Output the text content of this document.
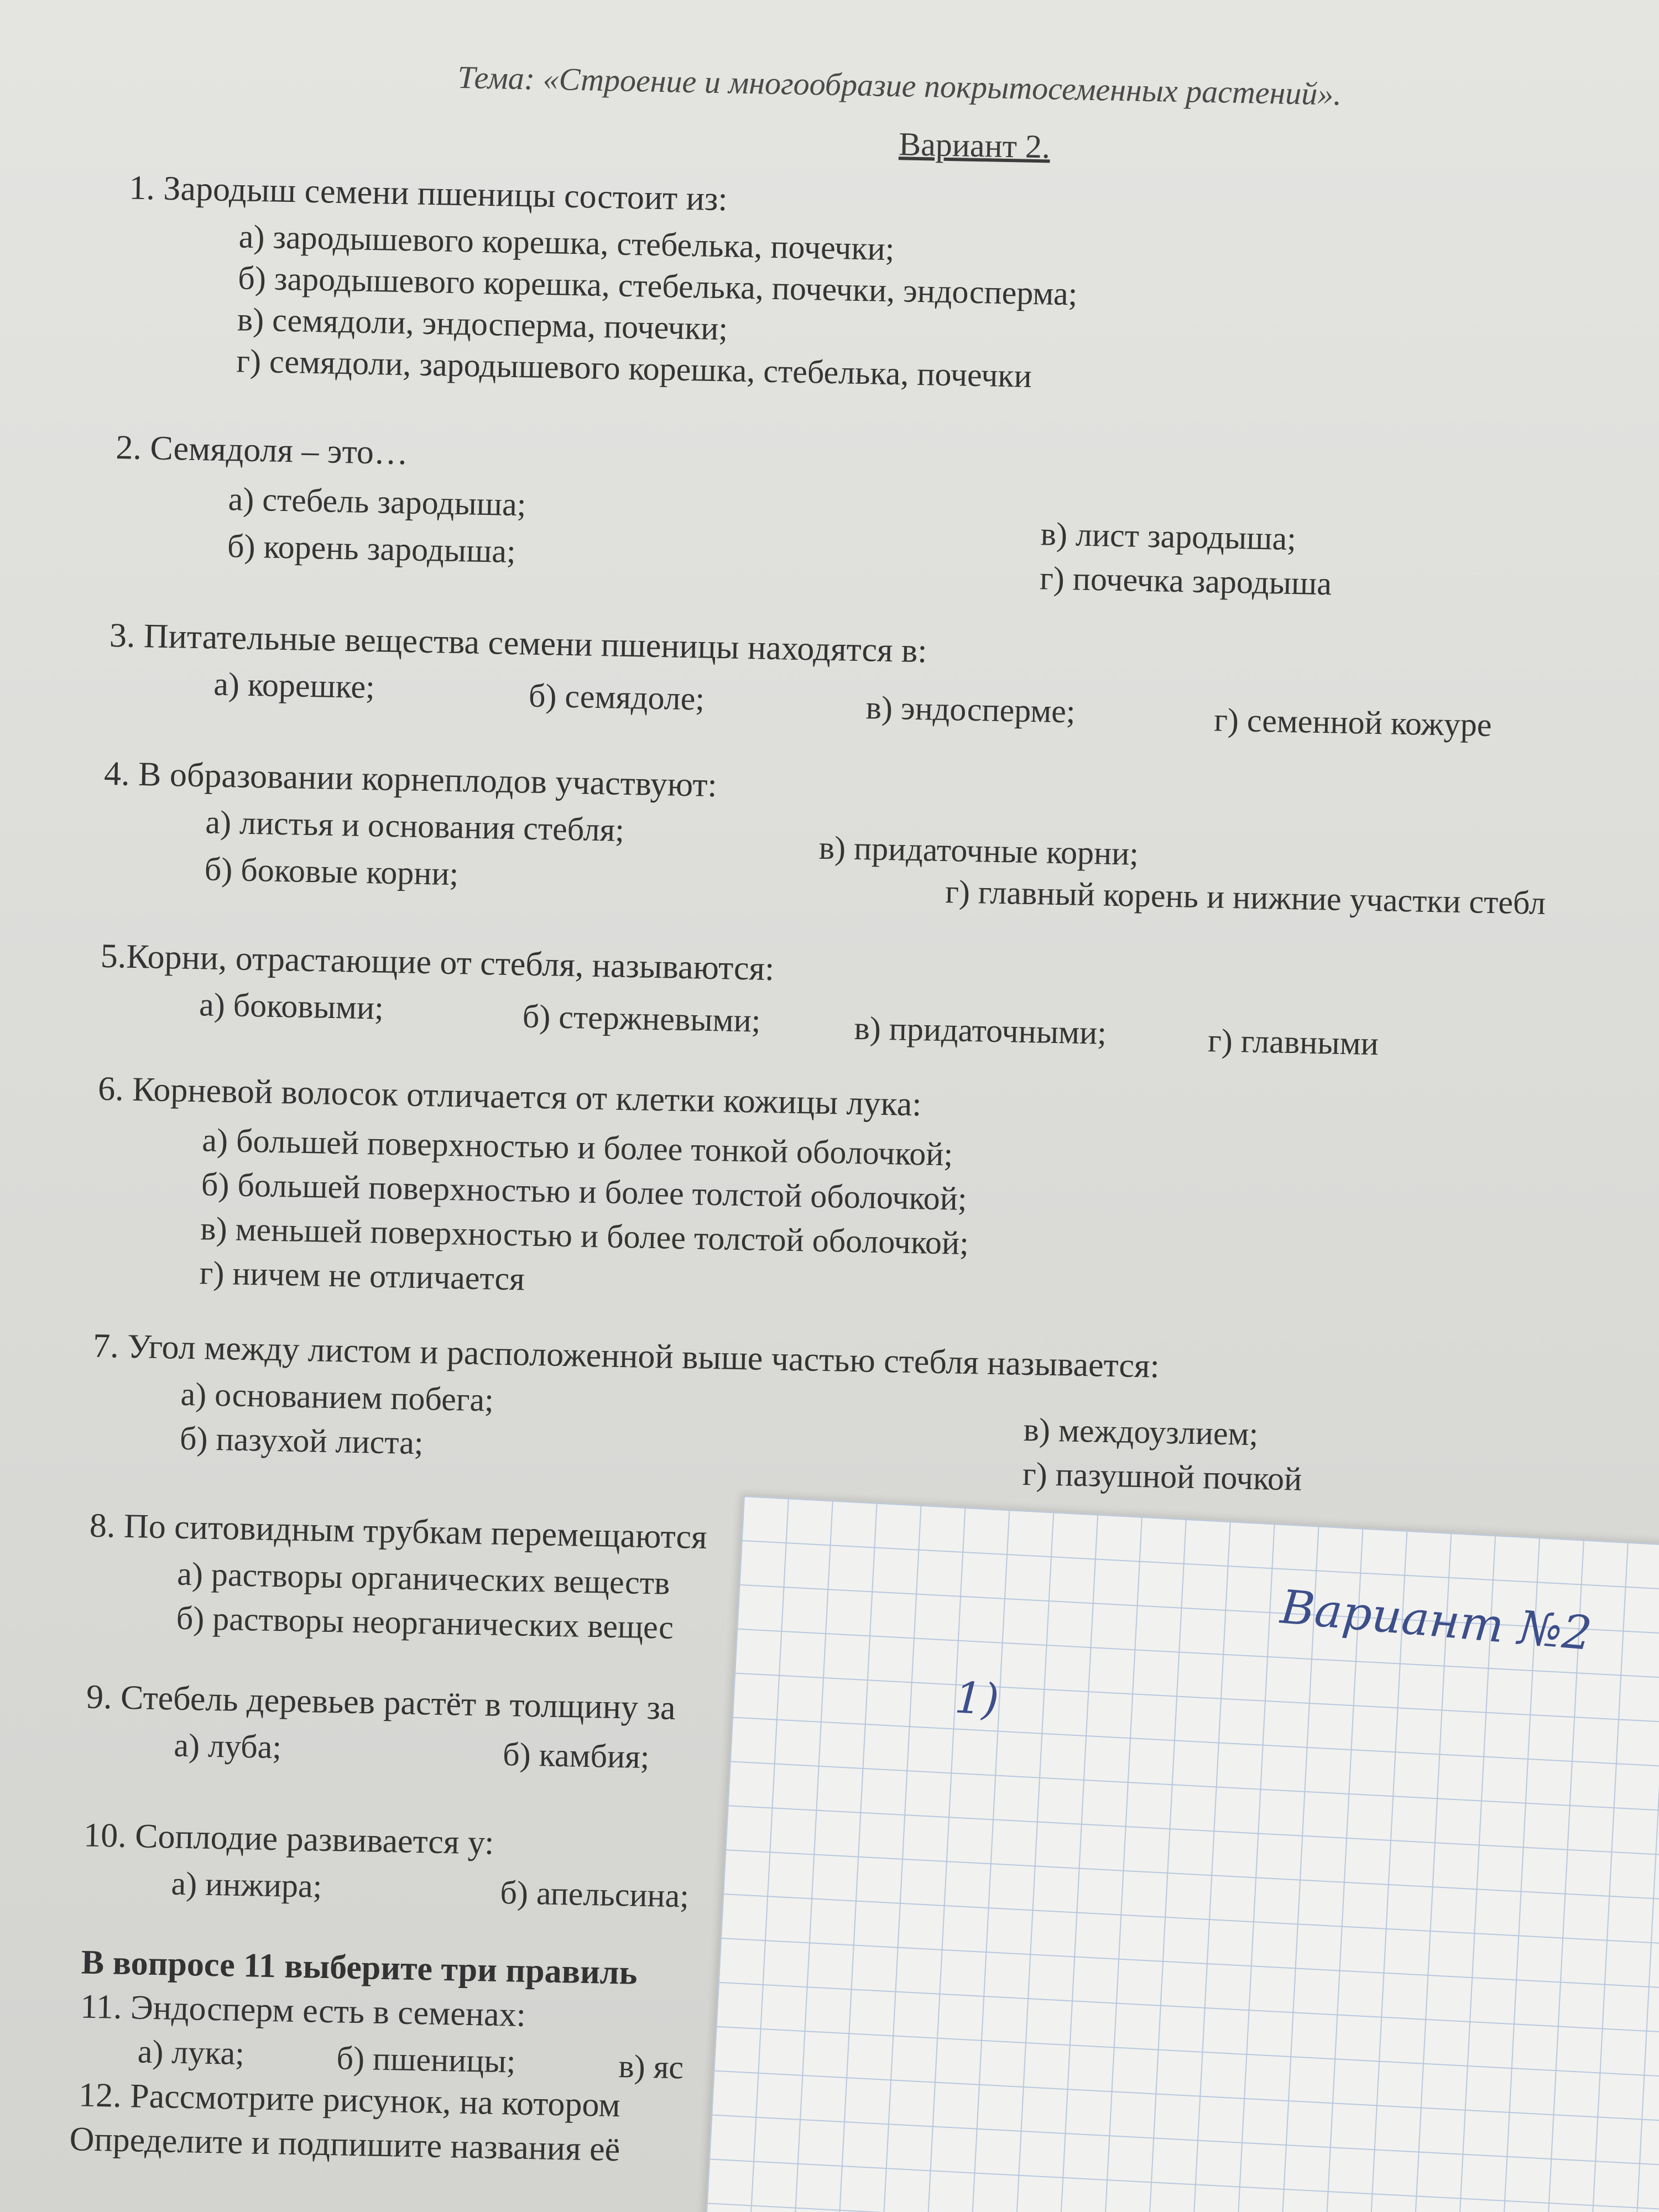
Тема: «Строение и многообразие покрытосеменных растений».
Вариант 2.
1. Зародыш семени пшеницы состоит из:
а) зародышевого корешка, стебелька, почечки;
б) зародышевого корешка, стебелька, почечки, эндосперма;
в) семядоли, эндосперма, почечки;
г) семядоли, зародышевого корешка, стебелька, почечки
2. Семядоля – это…
а) стебель зародыша;
б) корень зародыша;	в) лист зародыша;
г) почечка зародыша
3. Питательные вещества семени пшеницы находятся в:
а) корешке;	б) семядоле;	в) эндосперме;	г) семенной кожуре
4. В образовании корнеплодов участвуют:
а) листья и основания стебля;
б) боковые корни;	в) придаточные корни;
г) главный корень и нижние участки стебл
5.Корни, отрастающие от стебля, называются:
а) боковыми;	б) стержневыми;	в) придаточными;	г) главными
6. Корневой волосок отличается от клетки кожицы лука:
а) большей поверхностью и более тонкой оболочкой;
б) большей поверхностью и более толстой оболочкой;
в) меньшей поверхностью и более толстой оболочкой;
г) ничем не отличается
7. Угол между листом и расположенной выше частью стебля называется:
а) основанием побега;
б) пазухой листа;	в) междоузлием;
г) пазушной почкой
8. По ситовидным трубкам перемещаются
а) растворы органических веществ
б) растворы неорганических вещес
9. Стебель деревьев растёт в толщину за
а) луба;	б) камбия;
10. Соплодие развивается у:
а) инжира;	б) апельсина;
В вопросе 11 выберите три правиль
11. Эндосперм есть в семенах:
а) лука;	б) пшеницы;	в) яс
12. Рассмотрите рисунок, на котором
Определите и подпишите названия её
Вариант №2
1)
